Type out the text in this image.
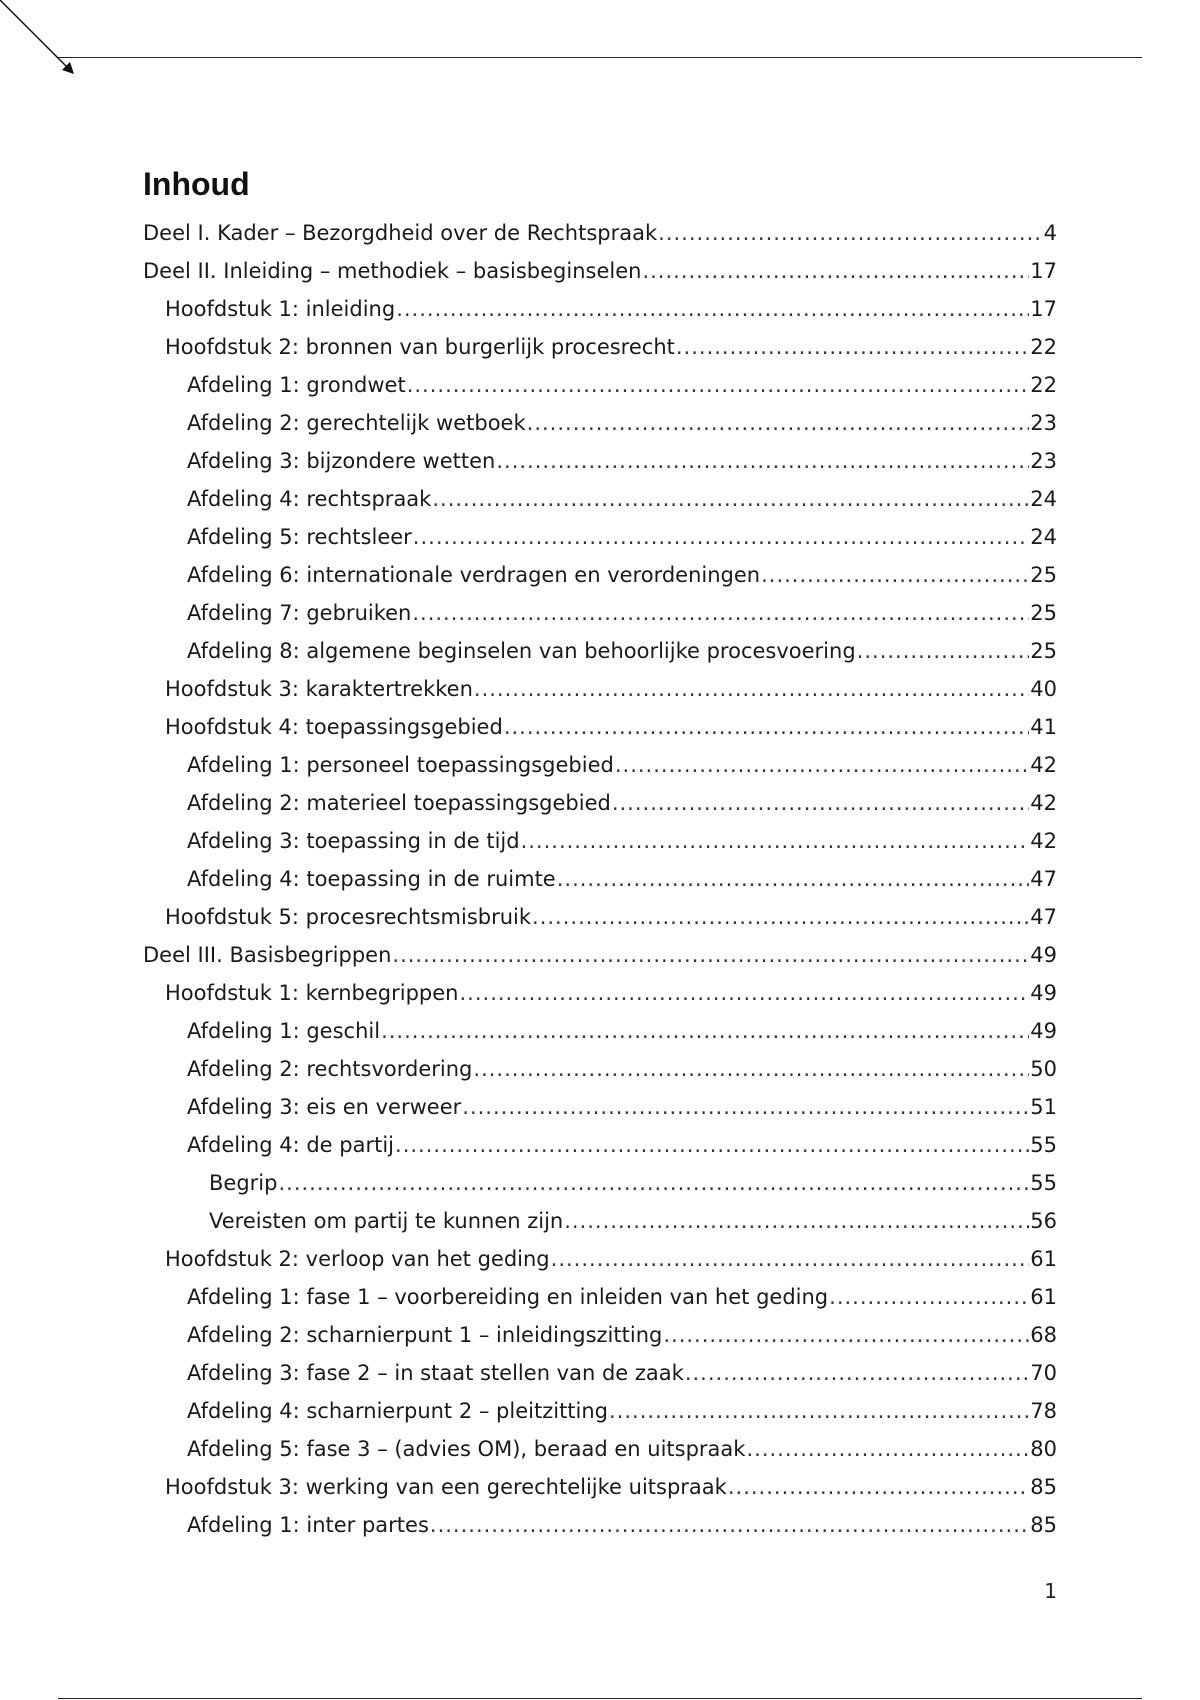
Inhoud
Deel I. Kader – Bezorgdheid over de Rechtspraak .....	4
Deel II. Inleiding – methodiek – basisbeginselen .....	17
Hoofdstuk 1: inleiding .....	17
Hoofdstuk 2: bronnen van burgerlijk procesrecht .....	22
Afdeling 1: grondwet .....	22
Afdeling 2: gerechtelijk wetboek .....	23
Afdeling 3: bijzondere wetten .....	23
Afdeling 4: rechtspraak .....	24
Afdeling 5: rechtsleer .....	24
Afdeling 6: internationale verdragen en verordeningen .....	25
Afdeling 7: gebruiken .....	25
Afdeling 8: algemene beginselen van behoorlijke procesvoering .....	25
Hoofdstuk 3: karaktertrekken .....	40
Hoofdstuk 4: toepassingsgebied .....	41
Afdeling 1: personeel toepassingsgebied .....	42
Afdeling 2: materieel toepassingsgebied .....	42
Afdeling 3: toepassing in de tijd .....	42
Afdeling 4: toepassing in de ruimte .....	47
Hoofdstuk 5: procesrechtsmisbruik .....	47
Deel III. Basisbegrippen .....	49
Hoofdstuk 1: kernbegrippen .....	49
Afdeling 1: geschil .....	49
Afdeling 2: rechtsvordering .....	50
Afdeling 3: eis en verweer .....	51
Afdeling 4: de partij .....	55
Begrip .....	55
Vereisten om partij te kunnen zijn .....	56
Hoofdstuk 2: verloop van het geding .....	61
Afdeling 1: fase 1 – voorbereiding en inleiden van het geding .....	61
Afdeling 2: scharnierpunt 1 – inleidingszitting .....	68
Afdeling 3: fase 2 – in staat stellen van de zaak .....	70
Afdeling 4: scharnierpunt 2 – pleitzitting .....	78
Afdeling 5: fase 3 – (advies OM), beraad en uitspraak .....	80
Hoofdstuk 3: werking van een gerechtelijke uitspraak .....	85
Afdeling 1: inter partes .....	85
1
